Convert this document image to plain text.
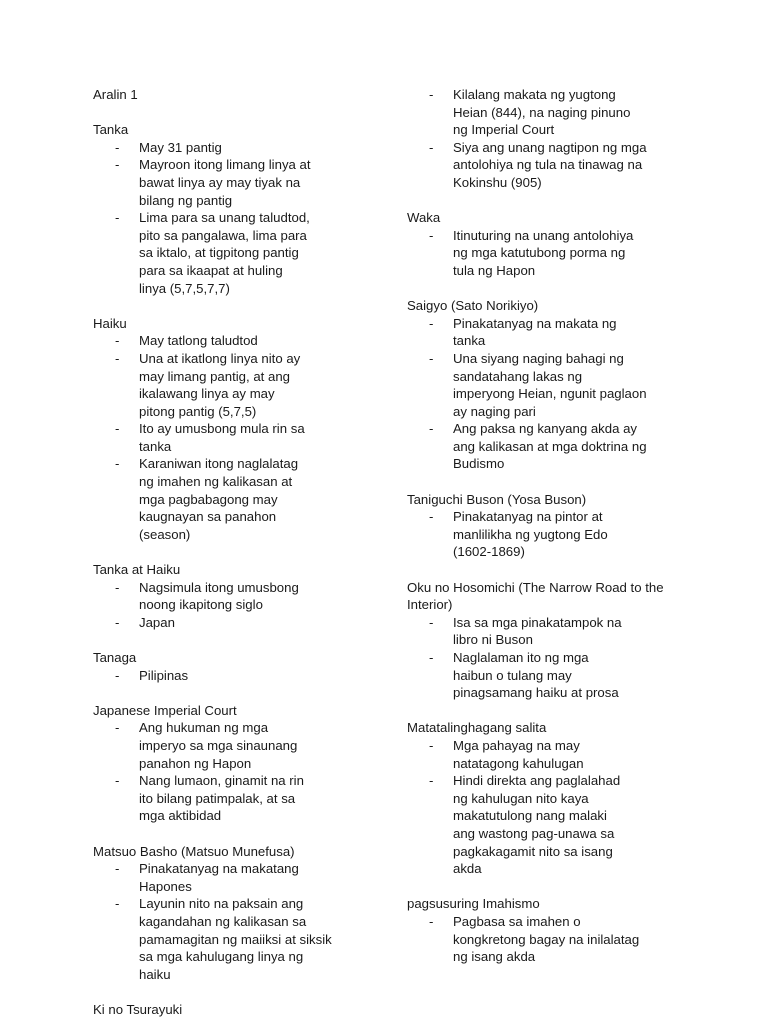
Aralin 1
Tanka
- May 31 pantig
- Mayroon itong limang linya at bawat linya ay may tiyak na bilang ng pantig
- Lima para sa unang taludtod, pito sa pangalawa, lima para sa iktalo, at tigpitong pantig para sa ikaapat at huling linya (5,7,5,7,7)
Haiku
- May tatlong taludtod
- Una at ikatlong linya nito ay may limang pantig, at ang ikalawang linya ay may pitong pantig (5,7,5)
- Ito ay umusbong mula rin sa tanka
- Karaniwan itong naglalatag ng imahen ng kalikasan at mga pagbabagong may kaugnayan sa panahon (season)
Tanka at Haiku
- Nagsimula itong umusbong noong ikapitong siglo
- Japan
Tanaga
- Pilipinas
Japanese Imperial Court
- Ang hukuman ng mga imperyo sa mga sinaunang panahon ng Hapon
- Nang lumaon, ginamit na rin ito bilang patimpalak, at sa mga aktibidad
Matsuo Basho (Matsuo Munefusa)
- Pinakatanyag na makatang Hapones
- Layunin nito na paksain ang kagandahan ng kalikasan sa pamamagitan ng maiiksi at siksik sa mga kahulugang linya ng haiku
Ki no Tsurayuki
- Kilalang makata ng yugtong Heian (844), na naging pinuno ng Imperial Court
- Siya ang unang nagtipon ng mga antolohiya ng tula na tinawag na Kokinshu (905)
Waka
- Itinuturing na unang antolohiya ng mga katutubong porma ng tula ng Hapon
Saigyo (Sato Norikiyo)
- Pinakatanyag na makata ng tanka
- Una siyang naging bahagi ng sandatahang lakas ng imperyong Heian, ngunit paglaon ay naging pari
- Ang paksa ng kanyang akda ay ang kalikasan at mga doktrina ng Budismo
Taniguchi Buson (Yosa Buson)
- Pinakatanyag na pintor at manlilikha ng yugtong Edo (1602-1869)
Oku no Hosomichi (The Narrow Road to the Interior)
- Isa sa mga pinakatampok na libro ni Buson
- Naglalaman ito ng mga haibun o tulang may pinagsamang haiku at prosa
Matatalinghagang salita
- Mga pahayag na may natatagong kahulugan
- Hindi direkta ang paglalahad ng kahulugan nito kaya makatutulong nang malaki ang wastong pag-unawa sa pagkakagamit nito sa isang akda
pagsusuring Imahismo
- Pagbasa sa imahen o kongkretong bagay na inilalatag ng isang akda
